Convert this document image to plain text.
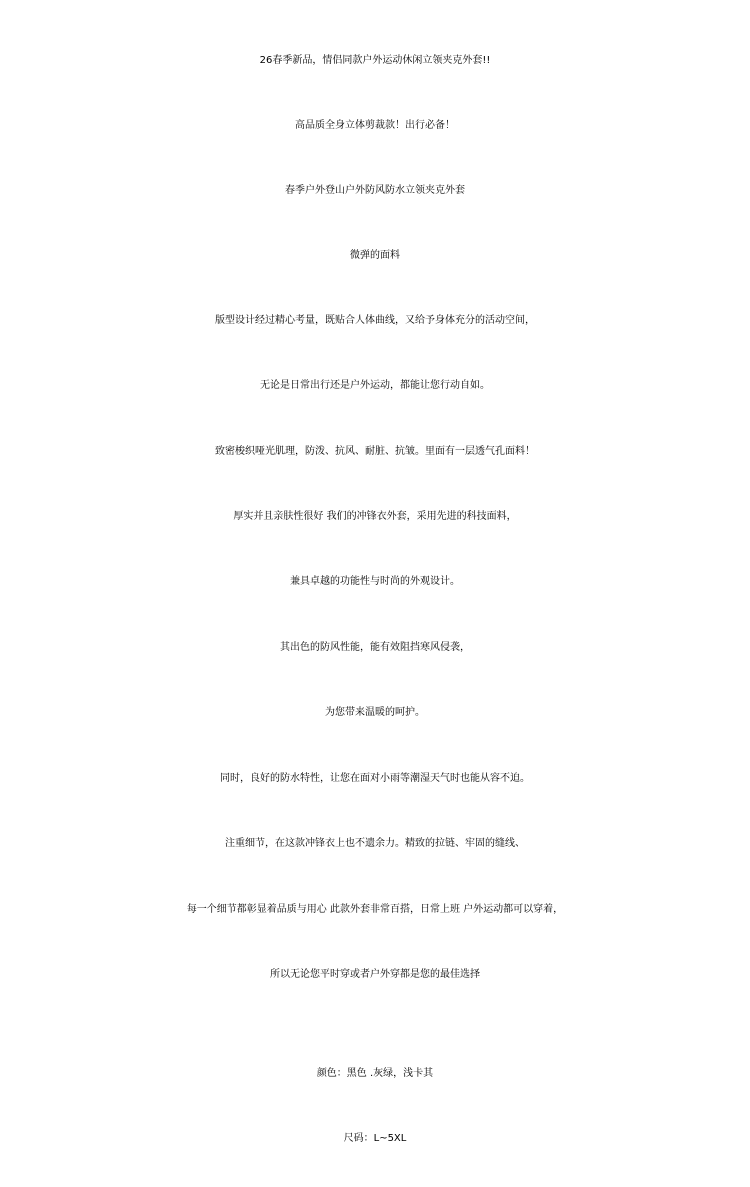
26春季新品，情侣同款户外运动休闲立领夹克外套!!
高品质全身立体剪裁款！出行必备！
春季户外登山户外防风防水立领夹克外套
微弹的面料
版型设计经过精心考量，既贴合人体曲线，又给予身体充分的活动空间，
无论是日常出行还是户外运动，都能让您行动自如。
致密梭织哑光肌理，防泼、抗风、耐脏、抗皱。里面有一层透气孔面料！
厚实并且亲肤性很好 我们的冲锋衣外套，采用先进的科技面料，
兼具卓越的功能性与时尚的外观设计。
其出色的防风性能，能有效阻挡寒风侵袭，
为您带来温暖的呵护。
同时，良好的防水特性，让您在面对小雨等潮湿天气时也能从容不迫。
注重细节，在这款冲锋衣上也不遗余力。精致的拉链、牢固的缝线、
每一个细节都彰显着品质与用心 此款外套非常百搭，日常上班 户外运动都可以穿着，
所以无论您平时穿或者户外穿都是您的最佳选择
颜色：黑色 .灰绿，浅卡其
尺码：L~5XL
